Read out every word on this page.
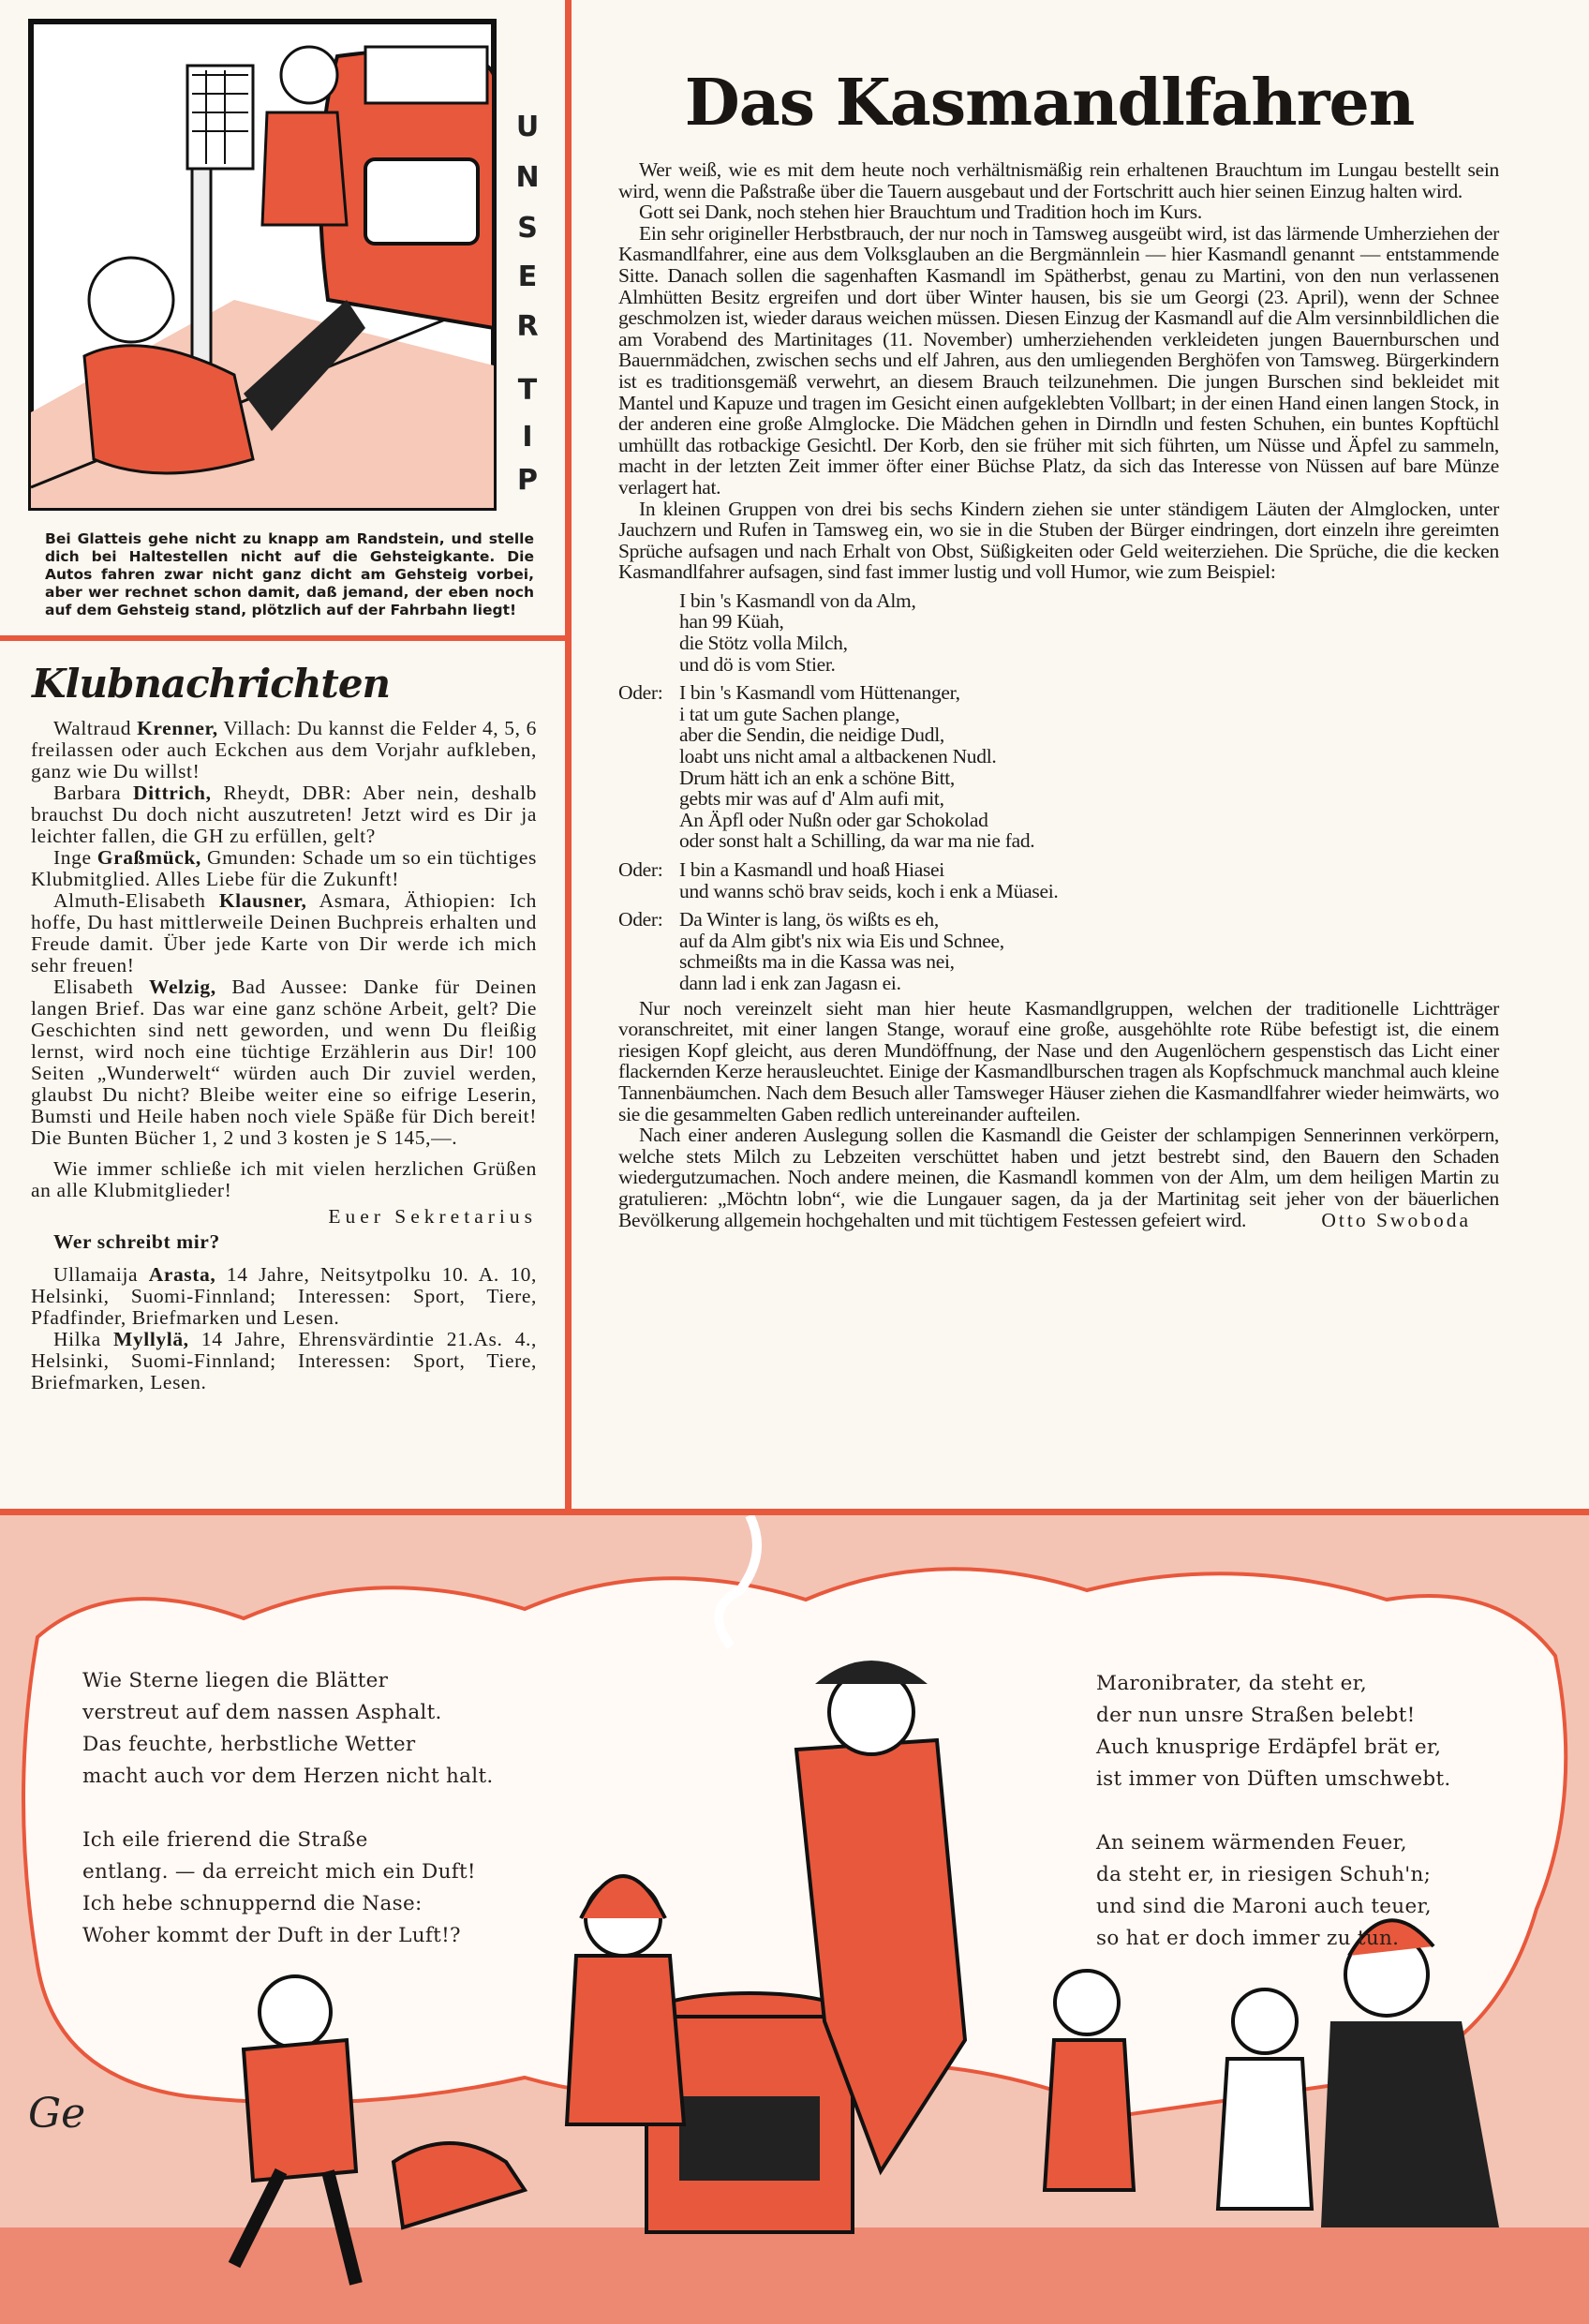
U
N
S
E
R
T
I
P
Bei Glatteis gehe nicht zu knapp am Randstein, und stelle dich bei Haltestellen nicht auf die Gehsteigkante. Die Autos fahren zwar nicht ganz dicht am Gehsteig vorbei, aber wer rechnet schon damit, daß jemand, der eben noch auf dem Gehsteig stand, plötzlich auf der Fahrbahn liegt!
Klubnachrichten

Waltraud Krenner, Villach: Du kannst die Felder 4, 5, 6 freilassen oder auch Eckchen aus dem Vorjahr aufkleben, ganz wie Du willst!

Barbara Dittrich, Rheydt, DBR: Aber nein, deshalb brauchst Du doch nicht auszutreten! Jetzt wird es Dir ja leichter fallen, die GH zu erfüllen, gelt?

Inge Graßmück, Gmunden: Schade um so ein tüchtiges Klubmitglied. Alles Liebe für die Zukunft!

Almuth-Elisabeth Klausner, Asmara, Äthiopien: Ich hoffe, Du hast mittlerweile Deinen Buchpreis erhalten und Freude damit. Über jede Karte von Dir werde ich mich sehr freuen!

Elisabeth Welzig, Bad Aussee: Danke für Deinen langen Brief. Das war eine ganz schöne Arbeit, gelt? Die Geschichten sind nett geworden, und wenn Du fleißig lernst, wird noch eine tüchtige Erzählerin aus Dir! 100 Seiten „Wunderwelt“ würden auch Dir zuviel werden, glaubst Du nicht? Bleibe weiter eine so eifrige Leserin, Bumsti und Heile haben noch viele Späße für Dich bereit! Die Bunten Bücher 1, 2 und 3 kosten je S 145,—.

Wie immer schließe ich mit vielen herzlichen Grüßen an alle Klubmitglieder!

Euer Sekretarius

Wer schreibt mir?

Ullamaija Arasta, 14 Jahre, Neitsytpolku 10. A. 10, Helsinki, Suomi-Finnland; Interessen: Sport, Tiere, Pfadfinder, Briefmarken und Lesen.

Hilka Myllylä, 14 Jahre, Ehrensvärdintie 21.As. 4., Helsinki, Suomi-Finnland; Interessen: Sport, Tiere, Briefmarken, Lesen.

Das Kasmandlfahren

Wer weiß, wie es mit dem heute noch verhältnismäßig rein erhaltenen Brauchtum im Lungau bestellt sein wird, wenn die Paßstraße über die Tauern ausgebaut und der Fortschritt auch hier seinen Einzug halten wird.

Gott sei Dank, noch stehen hier Brauchtum und Tradition hoch im Kurs.

Ein sehr origineller Herbstbrauch, der nur noch in Tamsweg ausgeübt wird, ist das lärmende Umherziehen der Kasmandlfahrer, eine aus dem Volksglauben an die Bergmännlein — hier Kasmandl genannt — entstammende Sitte. Danach sollen die sagenhaften Kasmandl im Spätherbst, genau zu Martini, von den nun verlassenen Almhütten Besitz ergreifen und dort über Winter hausen, bis sie um Georgi (23. April), wenn der Schnee geschmolzen ist, wieder daraus weichen müssen. Diesen Einzug der Kasmandl auf die Alm versinnbildlichen die am Vorabend des Martinitages (11. November) umherziehenden verkleideten jungen Bauernburschen und Bauernmädchen, zwischen sechs und elf Jahren, aus den umliegenden Berghöfen von Tamsweg. Bürgerkindern ist es traditionsgemäß verwehrt, an diesem Brauch teilzunehmen. Die jungen Burschen sind bekleidet mit Mantel und Kapuze und tragen im Gesicht einen aufgeklebten Vollbart; in der einen Hand einen langen Stock, in der anderen eine große Almglocke. Die Mädchen gehen in Dirndln und festen Schuhen, ein buntes Kopftüchl umhüllt das rotbackige Gesichtl. Der Korb, den sie früher mit sich führten, um Nüsse und Äpfel zu sammeln, macht in der letzten Zeit immer öfter einer Büchse Platz, da sich das Interesse von Nüssen auf bare Münze verlagert hat.

In kleinen Gruppen von drei bis sechs Kindern ziehen sie unter ständigem Läuten der Almglocken, unter Jauchzern und Rufen in Tamsweg ein, wo sie in die Stuben der Bürger eindringen, dort einzeln ihre gereimten Sprüche aufsagen und nach Erhalt von Obst, Süßigkeiten oder Geld weiterziehen. Die Sprüche, die die kecken Kasmandlfahrer aufsagen, sind fast immer lustig und voll Humor, wie zum Beispiel:

I bin 's Kasmandl von da Alm,
han 99 Küah,
die Stötz volla Milch,
und dö is vom Stier.
Oder: I bin 's Kasmandl vom Hüttenanger,
i tat um gute Sachen plange,
aber die Sendin, die neidige Dudl,
loabt uns nicht amal a altbackenen Nudl.
Drum hätt ich an enk a schöne Bitt,
gebts mir was auf d' Alm aufi mit,
An Äpfl oder Nußn oder gar Schokolad
oder sonst halt a Schilling, da war ma nie fad.
Oder: I bin a Kasmandl und hoaß Hiasei
und wanns schö brav seids, koch i enk a Müasei.
Oder: Da Winter is lang, ös wißts es eh,
auf da Alm gibt's nix wia Eis und Schnee,
schmeißts ma in die Kassa was nei,
dann lad i enk zan Jagasn ei.

Nur noch vereinzelt sieht man hier heute Kasmandlgruppen, welchen der traditionelle Lichtträger voranschreitet, mit einer langen Stange, worauf eine große, ausgehöhlte rote Rübe befestigt ist, die einem riesigen Kopf gleicht, aus deren Mundöffnung, der Nase und den Augenlöchern gespenstisch das Licht einer flackernden Kerze herausleuchtet. Einige der Kasmandlburschen tragen als Kopfschmuck manchmal auch kleine Tannenbäumchen. Nach dem Besuch aller Tamsweger Häuser ziehen die Kasmandlfahrer wieder heimwärts, wo sie die gesammelten Gaben redlich untereinander aufteilen.

Nach einer anderen Auslegung sollen die Kasmandl die Geister der schlampigen Sennerinnen verkörpern, welche stets Milch zu Lebzeiten verschüttet haben und jetzt bestrebt sind, den Bauern den Schaden wiedergutzumachen. Noch andere meinen, die Kasmandl kommen von der Alm, um dem heiligen Martin zu gratulieren: „Möchtn lobn“, wie die Lungauer sagen, da ja der Martinitag seit jeher von der bäuerlichen Bevölkerung allgemein hochgehalten und mit tüchtigem Festessen gefeiert wird.	Otto Swoboda
Wie Sterne liegen die Blätter
verstreut auf dem nassen Asphalt.
Das feuchte, herbstliche Wetter
macht auch vor dem Herzen nicht halt.
Ich eile frierend die Straße
entlang. — da erreicht mich ein Duft!
Ich hebe schnuppernd die Nase:
Woher kommt der Duft in der Luft!?
Maronibrater, da steht er,
der nun unsre Straßen belebt!
Auch knusprige Erdäpfel brät er,
ist immer von Düften umschwebt.
An seinem wärmenden Feuer,
da steht er, in riesigen Schuh'n;
und sind die Maroni auch teuer,
so hat er doch immer zu tun.
Ge
